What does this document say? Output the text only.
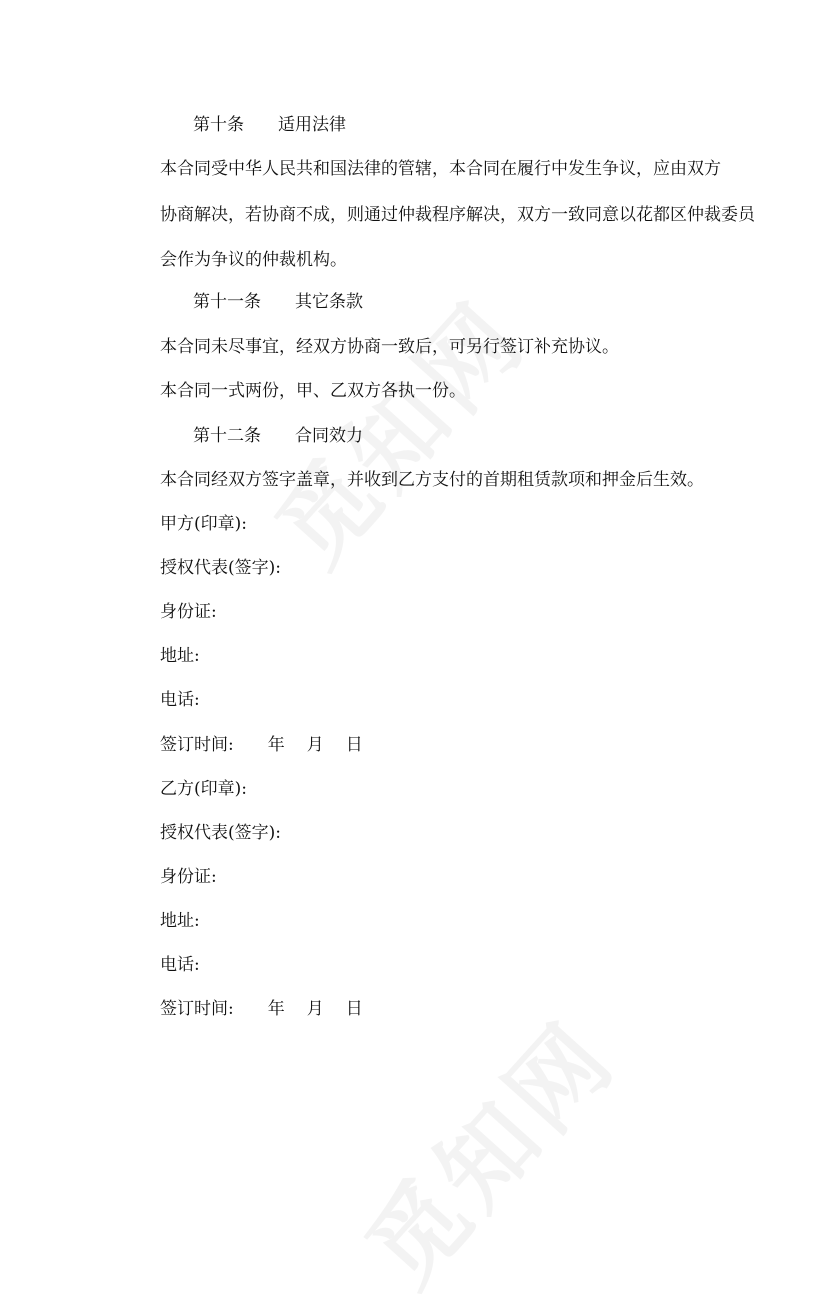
第十条 适用法律
本合同受中华人民共和国法律的管辖，本合同在履行中发生争议，应由双方
协商解决，若协商不成，则通过仲裁程序解决，双方一致同意以花都区仲裁委员
会作为争议的仲裁机构。
第十一条 其它条款
本合同未尽事宜，经双方协商一致后，可另行签订补充协议。
本合同一式两份，甲、乙双方各执一份。
第十二条 合同效力
本合同经双方签字盖章，并收到乙方支付的首期租赁款项和押金后生效。
甲方(印章):
授权代表(签字):
身份证:
地址:
电话:
签订时间: 年 月 日
乙方(印章):
授权代表(签字):
身份证:
地址:
电话:
签订时间: 年 月 日
